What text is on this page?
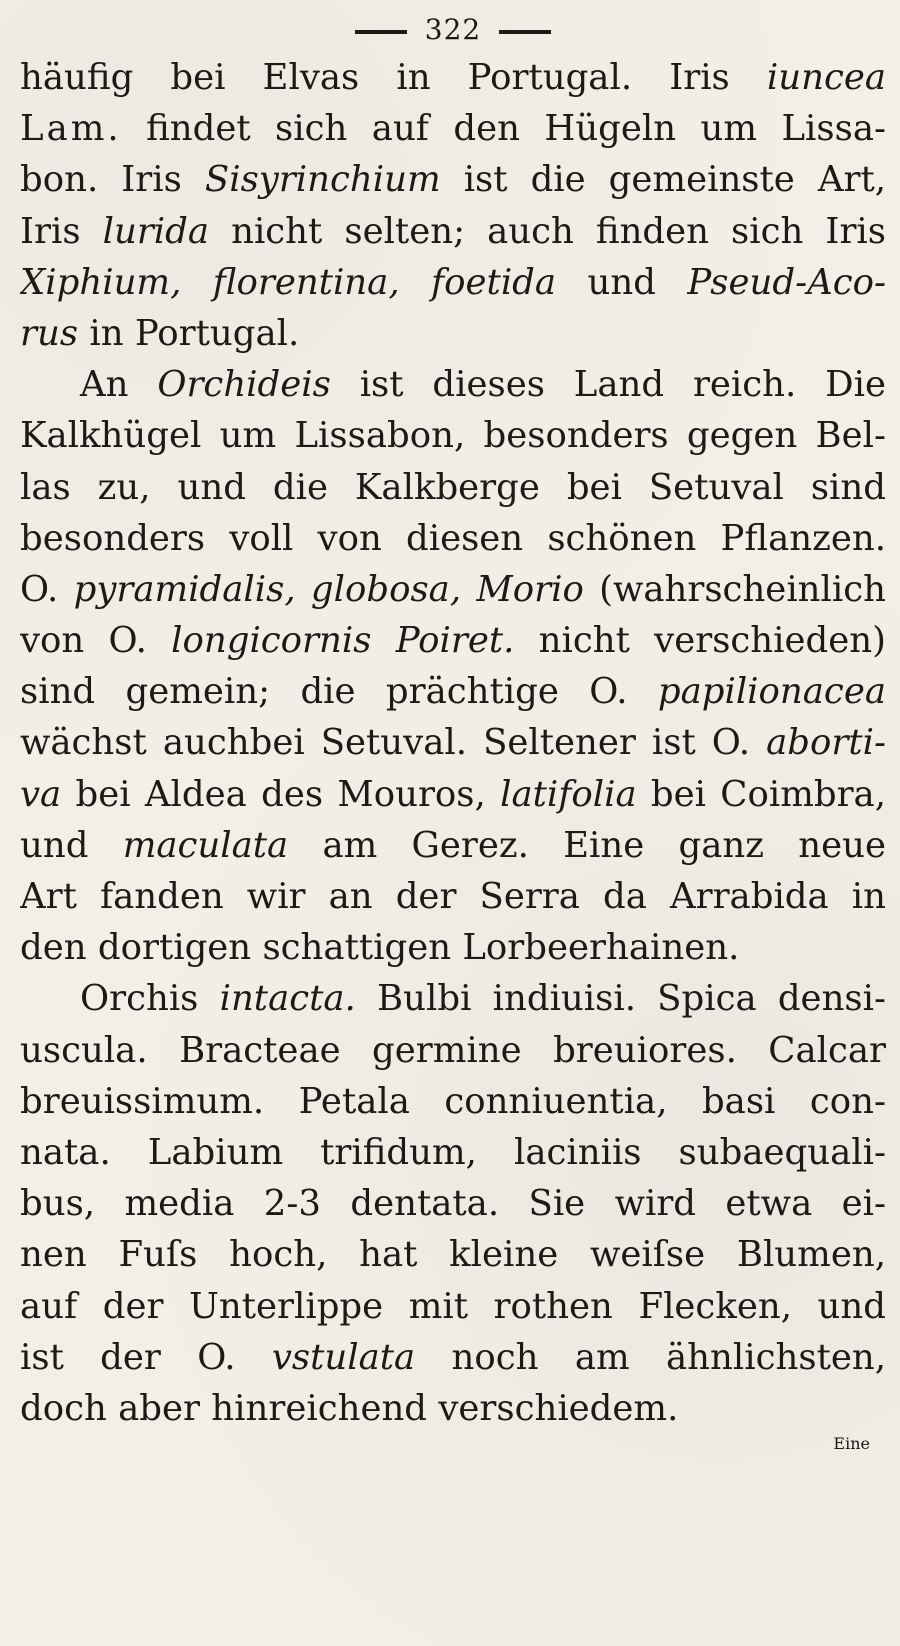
322
häufig bei Elvas in Portugal. Iris iuncea
Lam. findet sich auf den Hügeln um Lissa-
bon. Iris Sisyrinchium ist die gemeinste Art,
Iris lurida nicht selten; auch finden sich Iris
Xiphium, florentina, foetida und Pseud-Aco-
rus in Portugal.
An Orchideis ist dieses Land reich. Die
Kalkhügel um Lissabon, besonders gegen Bel-
las zu, und die Kalkberge bei Setuval sind
besonders voll von diesen schönen Pflanzen.
O. pyramidalis, globosa, Morio (wahrscheinlich
von O. longicornis Poiret. nicht verschieden)
sind gemein; die prächtige O. papilionacea
wächst auchbei Setuval. Seltener ist O. aborti-
va bei Aldea des Mouros, latifolia bei Coimbra,
und maculata am Gerez. Eine ganz neue
Art fanden wir an der Serra da Arrabida in
den dortigen schattigen Lorbeerhainen.
Orchis intacta. Bulbi indiuisi. Spica densi-
uscula. Bracteae germine breuiores. Calcar
breuissimum. Petala conniuentia, basi con-
nata. Labium trifidum, laciniis subaequali-
bus, media 2-3 dentata. Sie wird etwa ei-
nen Fuſs hoch, hat kleine weiſse Blumen,
auf der Unterlippe mit rothen Flecken, und
ist der O. vstulata noch am ähnlichsten,
doch aber hinreichend verschiedem.
Eine
